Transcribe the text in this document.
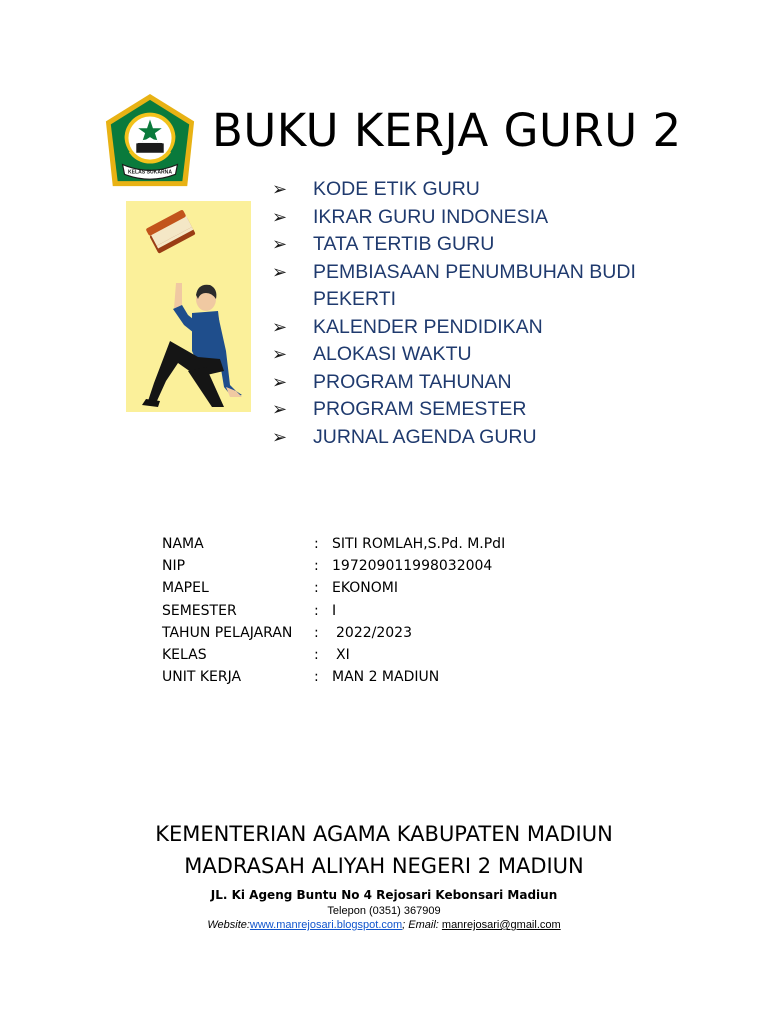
KELAS SUKARNA
BUKU KERJA GURU 2
➢ KODE ETIK GURU
➢ IKRAR GURU INDONESIA
➢ TATA TERTIB GURU
➢ PEMBIASAAN PENUMBUHAN BUDI PEKERTI
➢ KALENDER PENDIDIKAN
➢ ALOKASI WAKTU
➢ PROGRAM TAHUNAN
➢ PROGRAM SEMESTER
➢ JURNAL AGENDA GURU
NAMA	: SITI ROMLAH,S.Pd. M.PdI
NIP	: 197209011998032004
MAPEL	: EKONOMI
SEMESTER	: I
TAHUN PELAJARAN : 2022/2023
KELAS	: XI
UNIT KERJA	: MAN 2 MADIUN
KEMENTERIAN AGAMA KABUPATEN MADIUN
MADRASAH ALIYAH NEGERI 2 MADIUN
JL. Ki Ageng Buntu No 4 Rejosari Kebonsari Madiun
Telepon (0351) 367909
Website:www.manrejosari.blogspot.com; Email: manrejosari@gmail.com
